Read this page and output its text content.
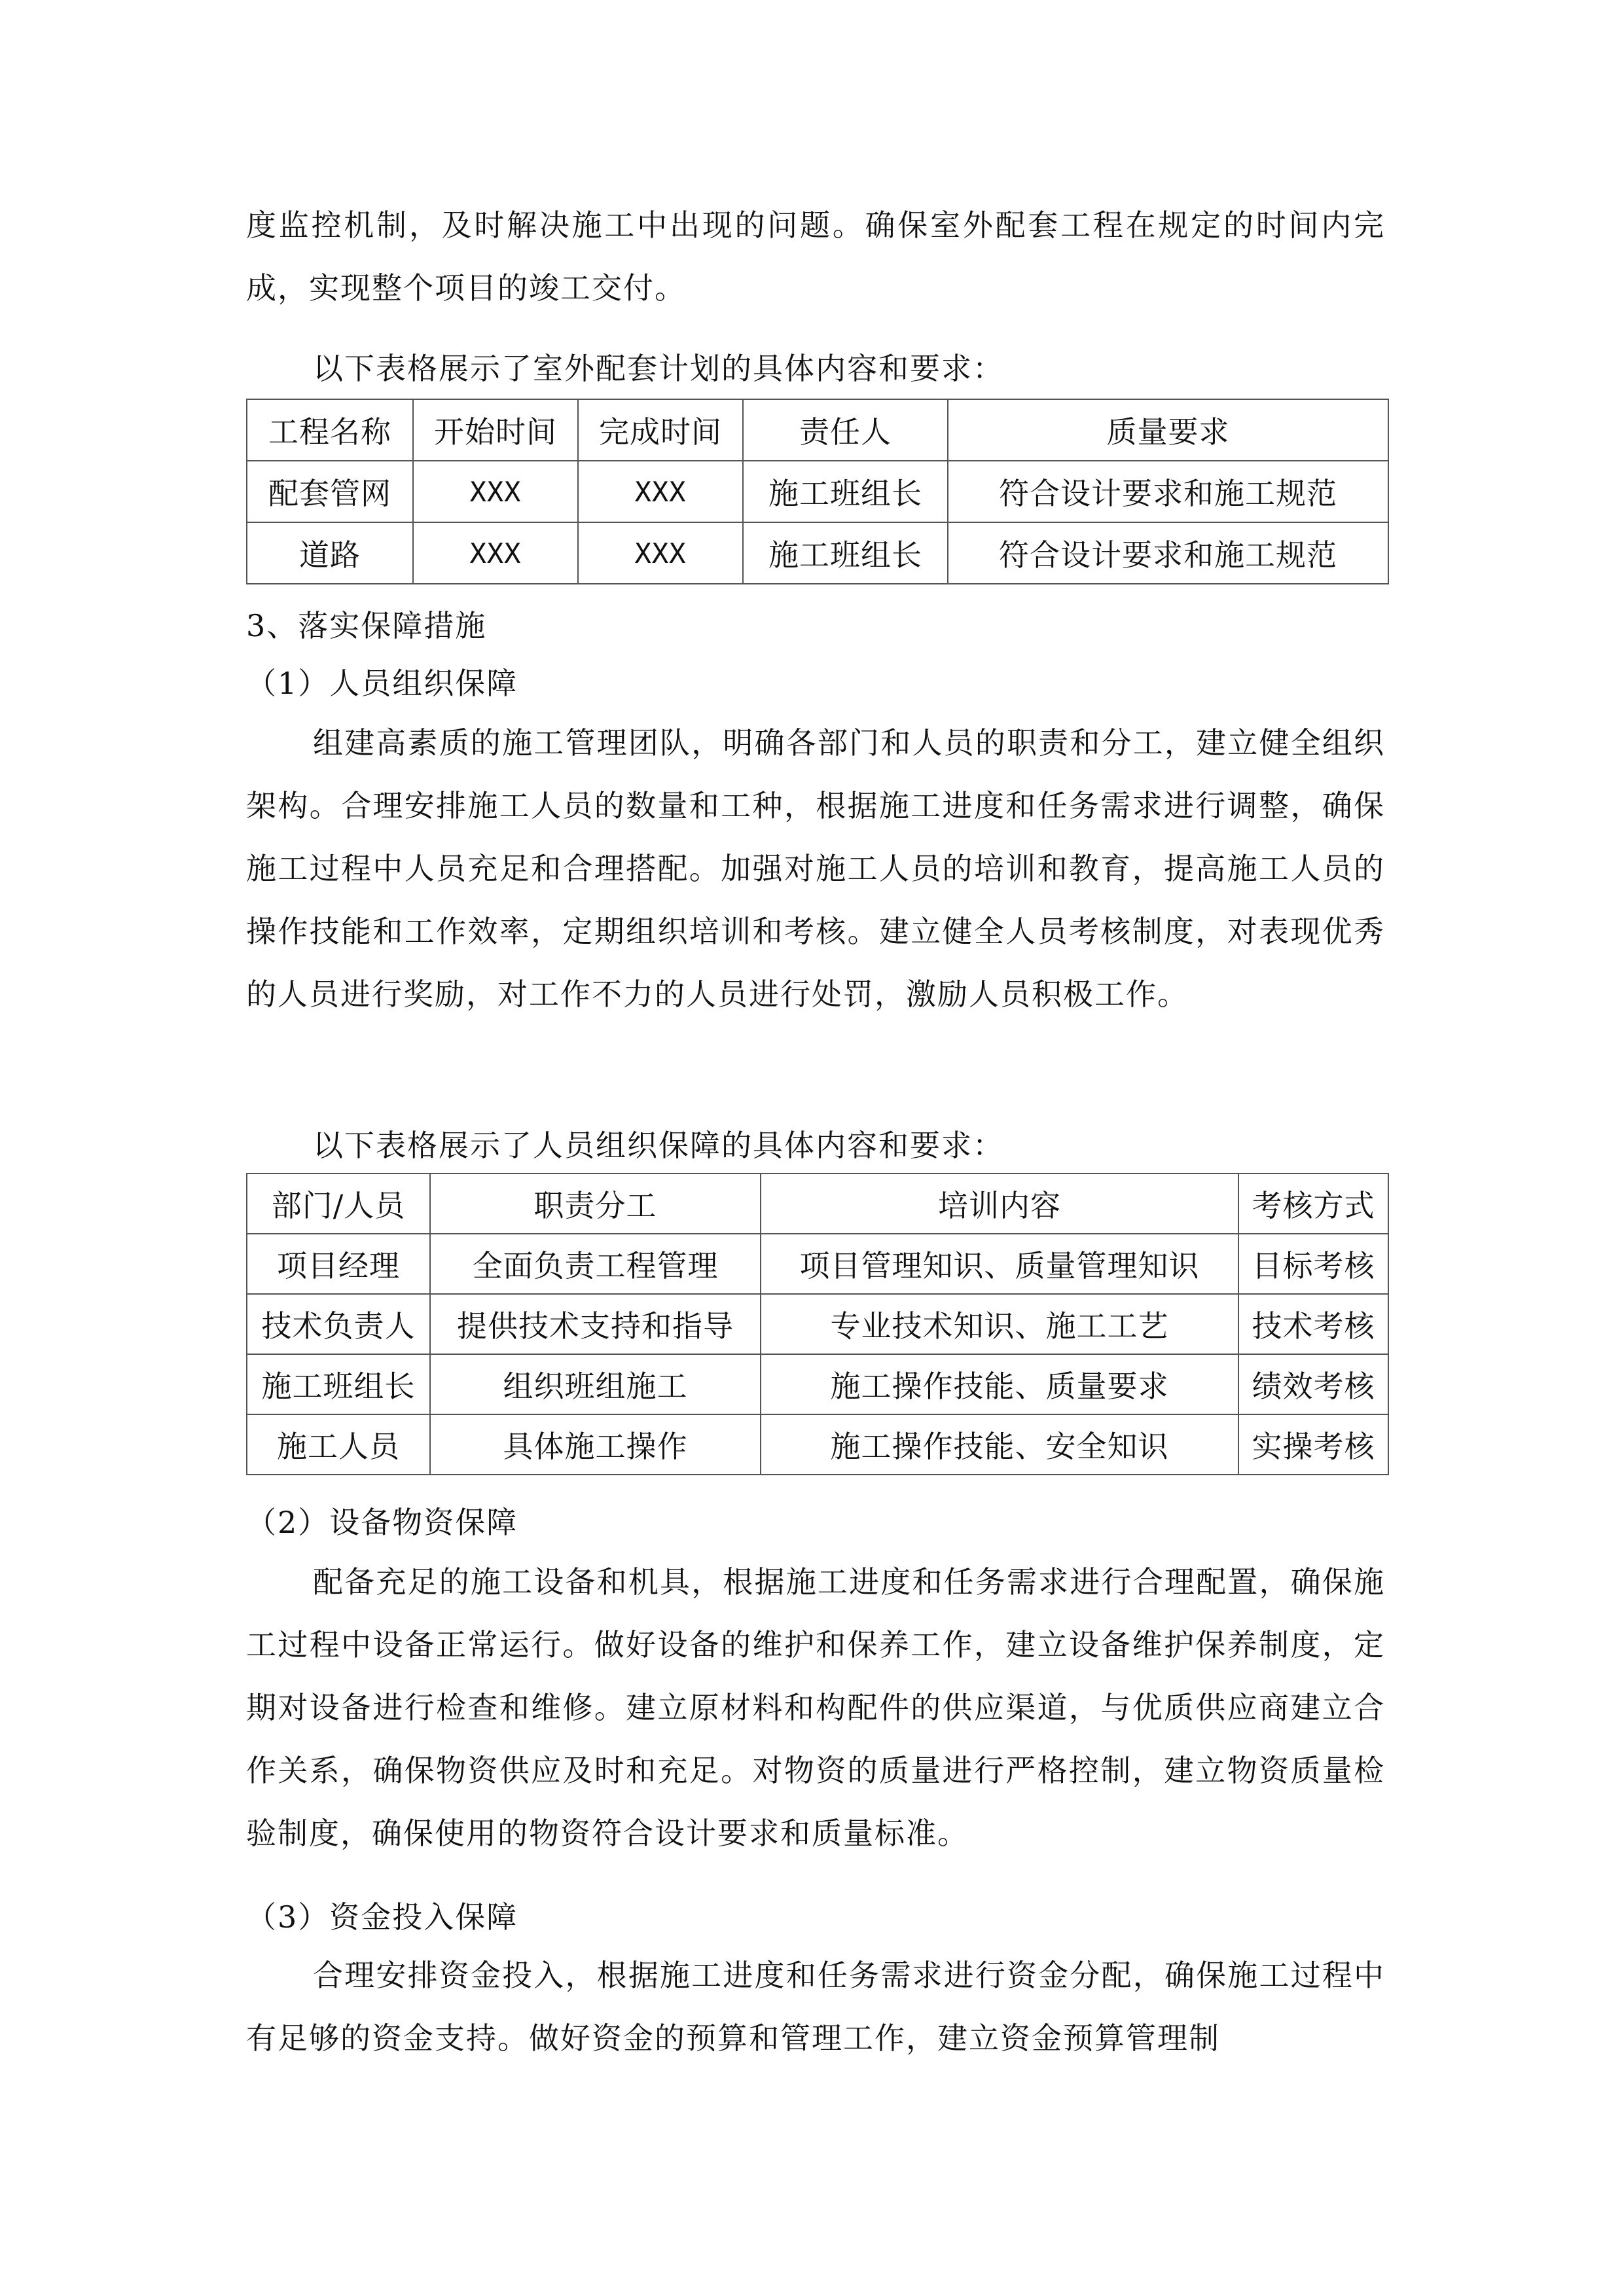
度监控机制，及时解决施工中出现的问题。确保室外配套工程在规定的时间内完成，实现整个项目的竣工交付。

以下表格展示了室外配套计划的具体内容和要求：

工程名称	开始时间	完成时间	责任人	质量要求
配套管网	XXX	XXX	施工班组长	符合设计要求和施工规范
道路	XXX	XXX	施工班组长	符合设计要求和施工规范
3、落实保障措施
（1）人员组织保障

组建高素质的施工管理团队，明确各部门和人员的职责和分工，建立健全组织架构。合理安排施工人员的数量和工种，根据施工进度和任务需求进行调整，确保施工过程中人员充足和合理搭配。加强对施工人员的培训和教育，提高施工人员的操作技能和工作效率，定期组织培训和考核。建立健全人员考核制度，对表现优秀的人员进行奖励，对工作不力的人员进行处罚，激励人员积极工作。

以下表格展示了人员组织保障的具体内容和要求：

部门/人员	职责分工	培训内容	考核方式
项目经理	全面负责工程管理	项目管理知识、质量管理知识	目标考核
技术负责人	提供技术支持和指导	专业技术知识、施工工艺	技术考核
施工班组长	组织班组施工	施工操作技能、质量要求	绩效考核
施工人员	具体施工操作	施工操作技能、安全知识	实操考核
（2）设备物资保障

配备充足的施工设备和机具，根据施工进度和任务需求进行合理配置，确保施工过程中设备正常运行。做好设备的维护和保养工作，建立设备维护保养制度，定期对设备进行检查和维修。建立原材料和构配件的供应渠道，与优质供应商建立合作关系，确保物资供应及时和充足。对物资的质量进行严格控制，建立物资质量检验制度，确保使用的物资符合设计要求和质量标准。

（3）资金投入保障

合理安排资金投入，根据施工进度和任务需求进行资金分配，确保施工过程中有足够的资金支持。做好资金的预算和管理工作，建立资金预算管理制
